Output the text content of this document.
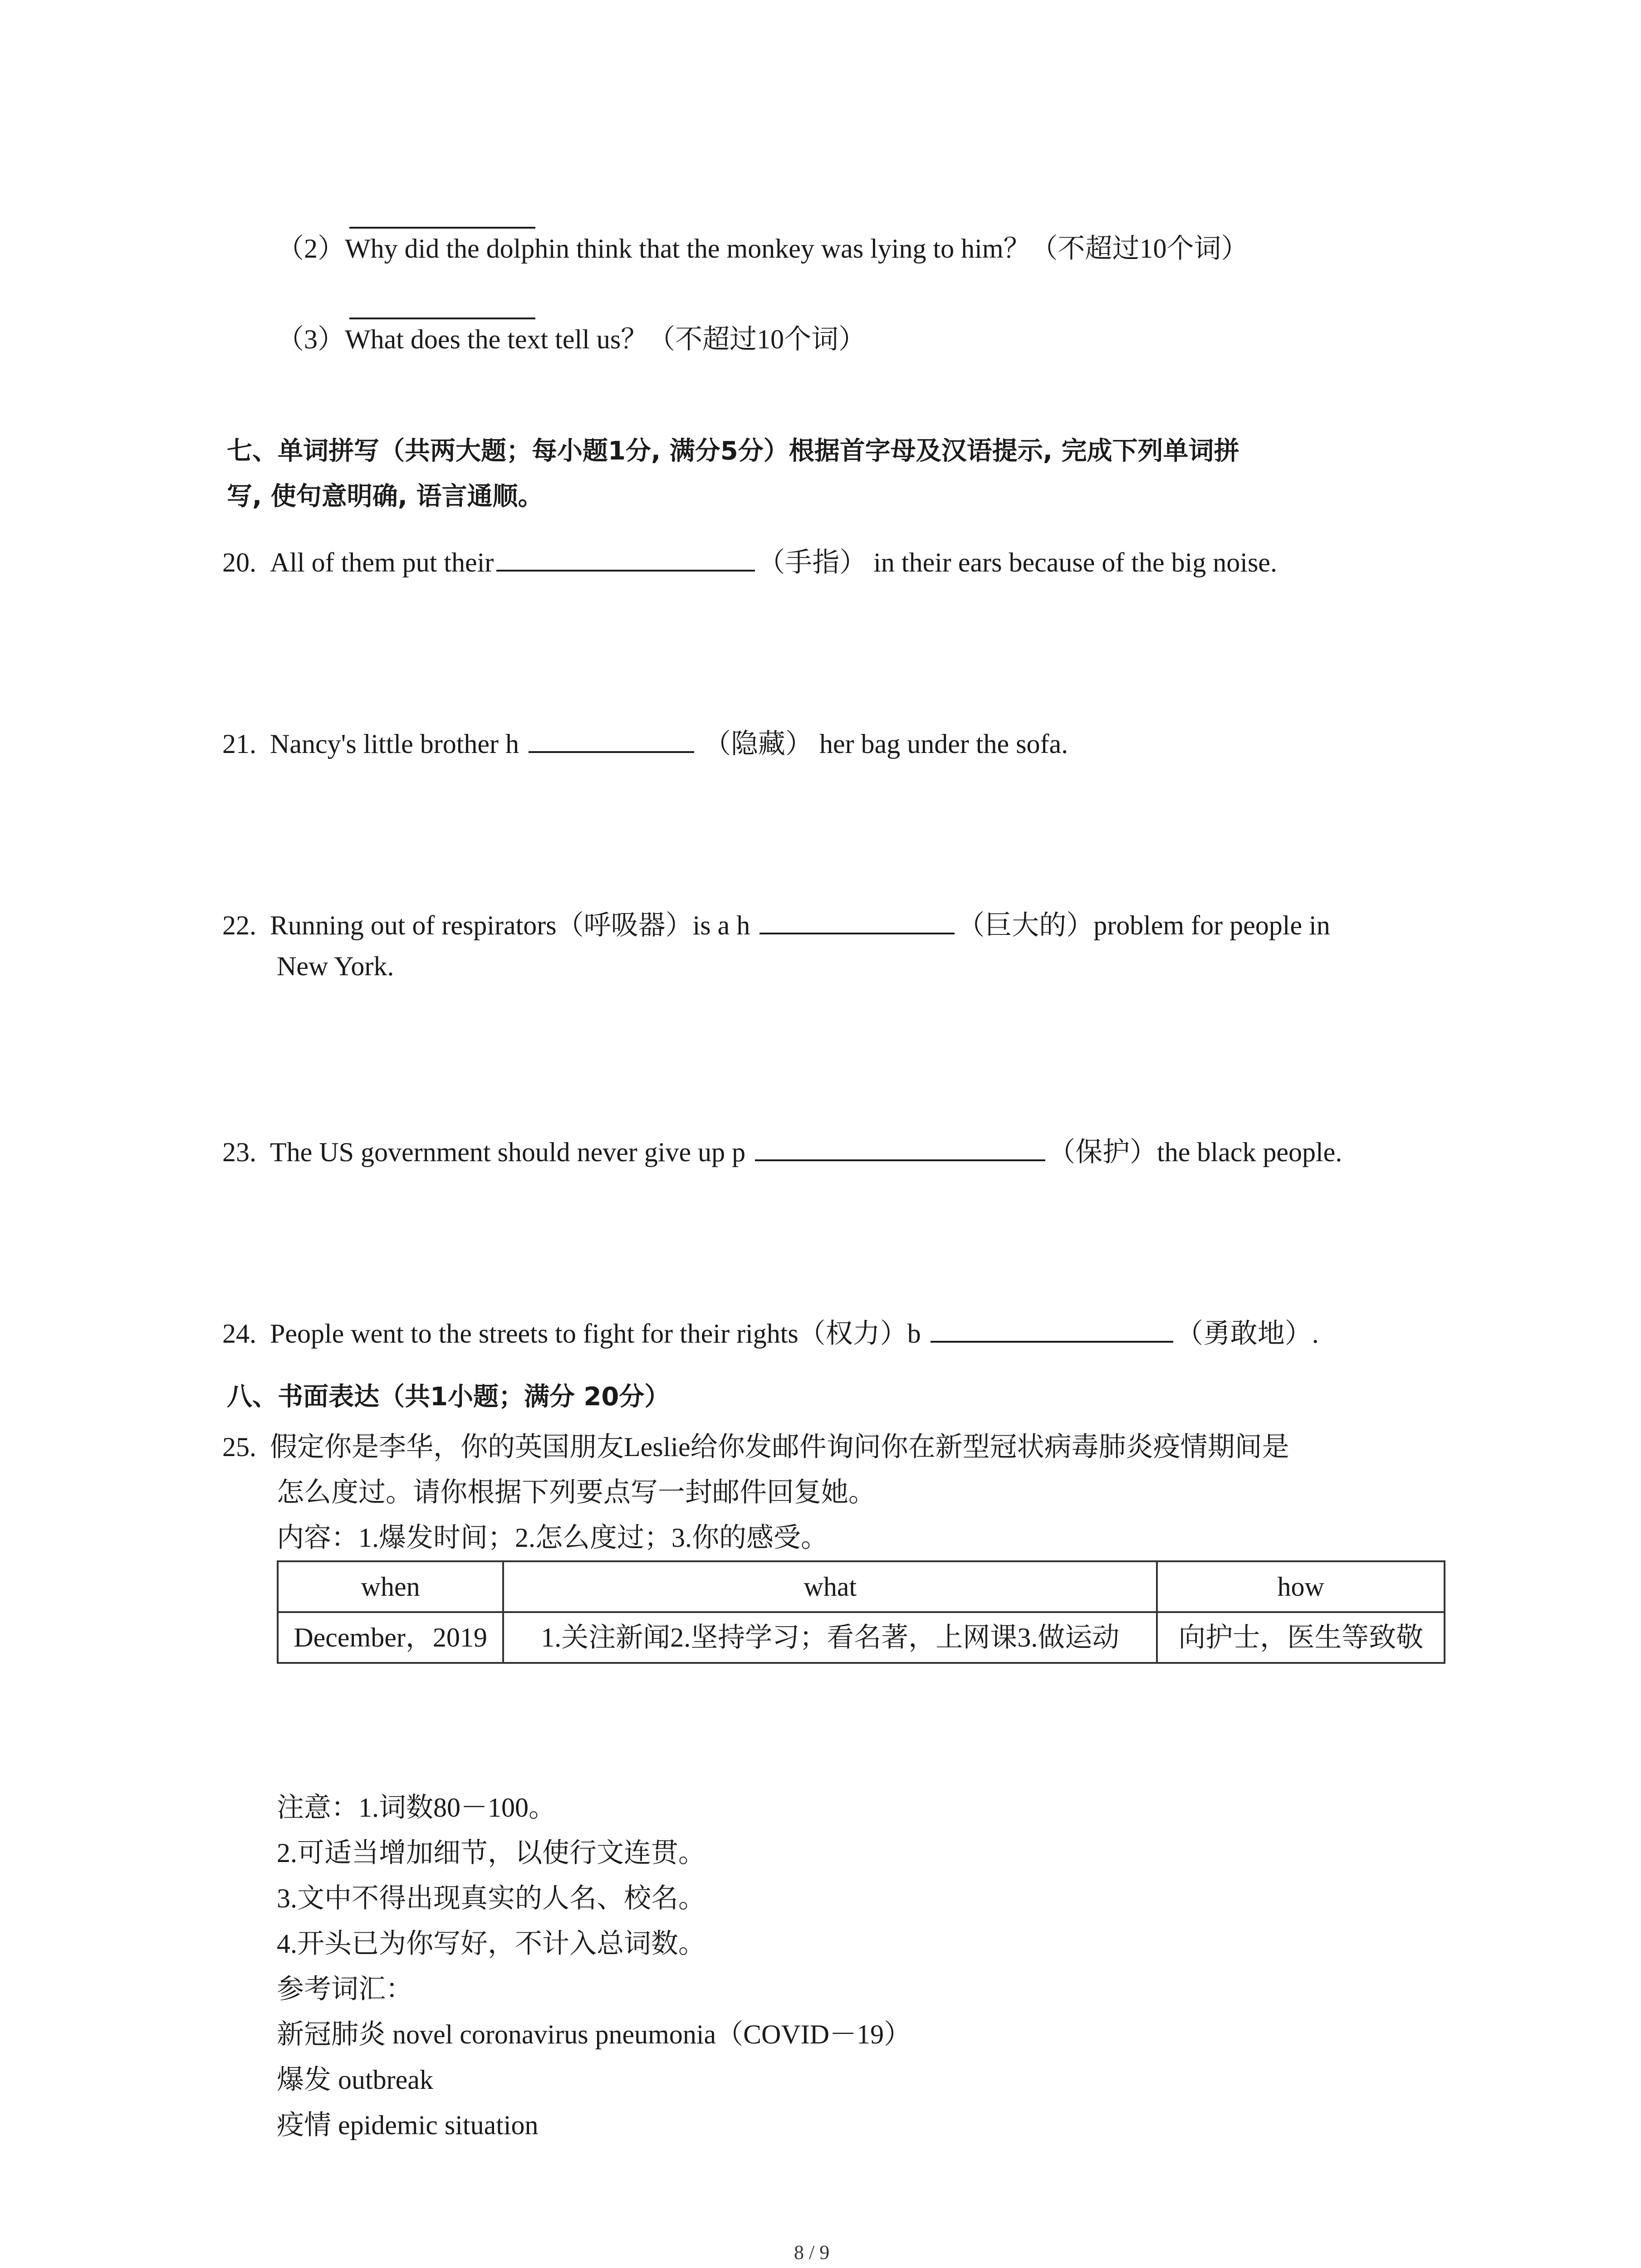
（2）Why did the dolphin think that the monkey was lying to him？（不超过10个词）
（3）What does the text tell us？（不超过10个词）
七、单词拼写（共两大题；每小题1分, 满分5分）根据首字母及汉语提示, 完成下列单词拼
写, 使句意明确, 语言通顺。
20. All of them put their	（手指） in their ears because of the big noise.
21. Nancy's little brother h	（隐藏） her bag under the sofa.
22. Running out of respirators（呼吸器）is a h	（巨大的）problem for people in
New York.
23. The US government should never give up p	（保护）the black people.
24. People went to the streets to fight for their rights（权力）b	（勇敢地）.
八、书面表达（共1小题；满分 20分）
25. 假定你是李华，你的英国朋友Leslie给你发邮件询问你在新型冠状病毒肺炎疫情期间是
怎么度过。请你根据下列要点写一封邮件回复她。
内容：1.爆发时间；2.怎么度过；3.你的感受。
when	what	how
December，2019	1.关注新闻2.坚持学习；看名著，上网课3.做运动	向护士，医生等致敬
注意：1.词数80－100。
2.可适当增加细节，以使行文连贯。
3.文中不得出现真实的人名、校名。
4.开头已为你写好，不计入总词数。
参考词汇：
新冠肺炎 novel coronavirus pneumonia（COVID－19）
爆发 outbreak
疫情 epidemic situation
8 / 9
